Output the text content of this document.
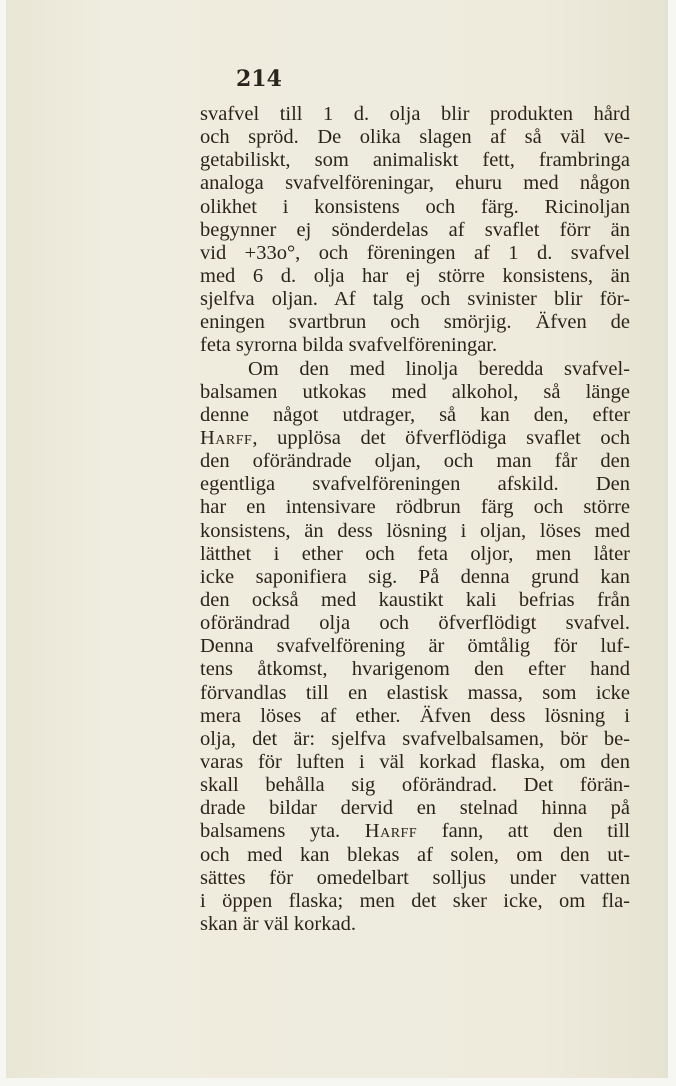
214
svafvel till 1 d. olja blir produkten hård
och spröd. De olika slagen af så väl ve-
getabiliskt, som animaliskt fett, frambringa
analoga svafvelföreningar, ehuru med någon
olikhet i konsistens och färg. Ricinoljan
begynner ej sönderdelas af svaflet förr än
vid +33o°, och föreningen af 1 d. svafvel
med 6 d. olja har ej större konsistens, än
sjelfva oljan. Af talg och svinister blir för-
eningen svartbrun och smörjig. Äfven de
feta syrorna bilda svafvelföreningar.
Om den med linolja beredda svafvel-
balsamen utkokas med alkohol, så länge
denne något utdrager, så kan den, efter
Harff, upplösa det öfverflödiga svaflet och
den oförändrade oljan, och man får den
egentliga svafvelföreningen afskild. Den
har en intensivare rödbrun färg och större
konsistens, än dess lösning i oljan, löses med
lätthet i ether och feta oljor, men låter
icke saponifiera sig. På denna grund kan
den också med kaustikt kali befrias från
oförändrad olja och öfverflödigt svafvel.
Denna svafvelförening är ömtålig för luf-
tens åtkomst, hvarigenom den efter hand
förvandlas till en elastisk massa, som icke
mera löses af ether. Äfven dess lösning i
olja, det är: sjelfva svafvelbalsamen, bör be-
varas för luften i väl korkad flaska, om den
skall behålla sig oförändrad. Det förän-
drade bildar dervid en stelnad hinna på
balsamens yta. Harff fann, att den till
och med kan blekas af solen, om den ut-
sättes för omedelbart solljus under vatten
i öppen flaska; men det sker icke, om fla-
skan är väl korkad.
